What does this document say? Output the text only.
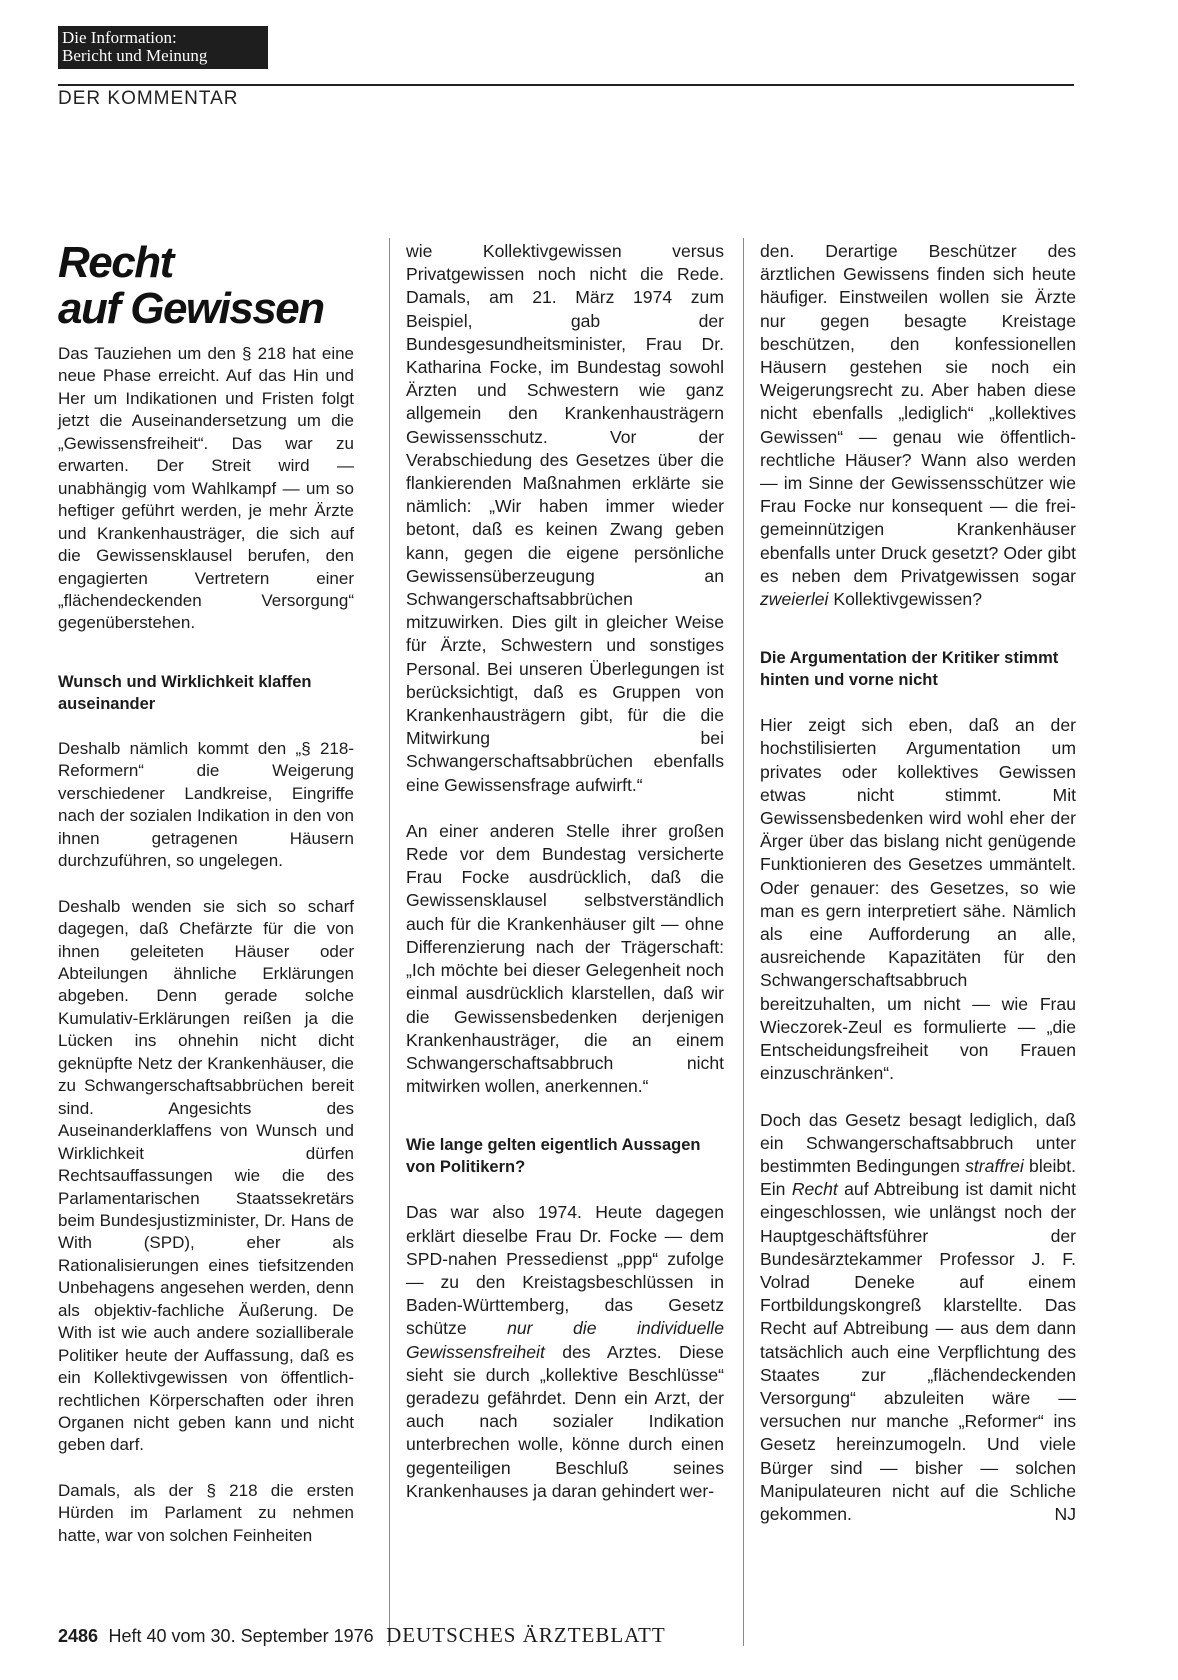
Die Information:
Bericht und Meinung
DER KOMMENTAR
Recht
auf Gewissen

Das Tauziehen um den § 218 hat eine neue Phase erreicht. Auf das Hin und Her um Indikationen und Fristen folgt jetzt die Auseinandersetzung um die „Gewissensfreiheit“. Das war zu erwarten. Der Streit wird — unabhängig vom Wahlkampf — um so heftiger geführt werden, je mehr Ärzte und Krankenhausträger, die sich auf die Gewissensklausel berufen, den engagierten Vertretern einer „flächendeckenden Versorgung“ gegenüberstehen.

Wunsch und Wirklichkeit klaffen auseinander

Deshalb nämlich kommt den „§ 218-Reformern“ die Weigerung verschiedener Landkreise, Eingriffe nach der sozialen Indikation in den von ihnen getragenen Häusern durchzuführen, so ungelegen.

Deshalb wenden sie sich so scharf dagegen, daß Chefärzte für die von ihnen geleiteten Häuser oder Abteilungen ähnliche Erklärungen abgeben. Denn gerade solche Kumulativ-Erklärungen reißen ja die Lücken ins ohnehin nicht dicht geknüpfte Netz der Krankenhäuser, die zu Schwangerschaftsabbrüchen bereit sind. Angesichts des Auseinanderklaffens von Wunsch und Wirklichkeit dürfen Rechtsauffassungen wie die des Parlamentarischen Staatssekretärs beim Bundesjustizminister, Dr. Hans de With (SPD), eher als Rationalisierungen eines tiefsitzenden Unbehagens angesehen werden, denn als objektiv-fachliche Äußerung. De With ist wie auch andere sozialliberale Politiker heute der Auffassung, daß es ein Kollektivgewissen von öffentlich-rechtlichen Körperschaften oder ihren Organen nicht geben kann und nicht geben darf.

Damals, als der § 218 die ersten Hürden im Parlament zu nehmen hatte, war von solchen Feinheiten

wie Kollektivgewissen versus Privatgewissen noch nicht die Rede. Damals, am 21. März 1974 zum Beispiel, gab der Bundesgesundheitsminister, Frau Dr. Katharina Focke, im Bundestag sowohl Ärzten und Schwestern wie ganz allgemein den Krankenhausträgern Gewissensschutz. Vor der Verabschiedung des Gesetzes über die flankierenden Maßnahmen erklärte sie nämlich: „Wir haben immer wieder betont, daß es keinen Zwang geben kann, gegen die eigene persönliche Gewissensüberzeugung an Schwangerschaftsabbrüchen mitzuwirken. Dies gilt in gleicher Weise für Ärzte, Schwestern und sonstiges Personal. Bei unseren Überlegungen ist berücksichtigt, daß es Gruppen von Krankenhausträgern gibt, für die die Mitwirkung bei Schwangerschaftsabbrüchen ebenfalls eine Gewissensfrage aufwirft.“

An einer anderen Stelle ihrer großen Rede vor dem Bundestag versicherte Frau Focke ausdrücklich, daß die Gewissensklausel selbstverständlich auch für die Krankenhäuser gilt — ohne Differenzierung nach der Trägerschaft: „Ich möchte bei dieser Gelegenheit noch einmal ausdrücklich klarstellen, daß wir die Gewissensbedenken derjenigen Krankenhausträger, die an einem Schwangerschaftsabbruch nicht mitwirken wollen, anerkennen.“

Wie lange gelten eigentlich Aussagen von Politikern?

Das war also 1974. Heute dagegen erklärt dieselbe Frau Dr. Focke — dem SPD-nahen Pressedienst „ppp“ zufolge — zu den Kreistagsbeschlüssen in Baden-Württemberg, das Gesetz schütze nur die individuelle Gewissensfreiheit des Arztes. Diese sieht sie durch „kollektive Beschlüsse“ geradezu gefährdet. Denn ein Arzt, der auch nach sozialer Indikation unterbrechen wolle, könne durch einen gegenteiligen Beschluß seines Krankenhauses ja daran gehindert wer-

den. Derartige Beschützer des ärztlichen Gewissens finden sich heute häufiger. Einstweilen wollen sie Ärzte nur gegen besagte Kreistage beschützen, den konfessionellen Häusern gestehen sie noch ein Weigerungsrecht zu. Aber haben diese nicht ebenfalls „lediglich“ „kollektives Gewissen“ — genau wie öffentlich-rechtliche Häuser? Wann also werden — im Sinne der Gewissensschützer wie Frau Focke nur konsequent — die frei-gemeinnützigen Krankenhäuser ebenfalls unter Druck gesetzt? Oder gibt es neben dem Privatgewissen sogar zweierlei Kollektivgewissen?

Die Argumentation der Kritiker stimmt hinten und vorne nicht

Hier zeigt sich eben, daß an der hochstilisierten Argumentation um privates oder kollektives Gewissen etwas nicht stimmt. Mit Gewissensbedenken wird wohl eher der Ärger über das bislang nicht genügende Funktionieren des Gesetzes ummäntelt. Oder genauer: des Gesetzes, so wie man es gern interpretiert sähe. Nämlich als eine Aufforderung an alle, ausreichende Kapazitäten für den Schwangerschaftsabbruch bereitzuhalten, um nicht — wie Frau Wieczorek-Zeul es formulierte — „die Entscheidungsfreiheit von Frauen einzuschränken“.

Doch das Gesetz besagt lediglich, daß ein Schwangerschaftsabbruch unter bestimmten Bedingungen straffrei bleibt. Ein Recht auf Abtreibung ist damit nicht eingeschlossen, wie unlängst noch der Hauptgeschäftsführer der Bundesärztekammer Professor J. F. Volrad Deneke auf einem Fortbildungskongreß klarstellte. Das Recht auf Abtreibung — aus dem dann tatsächlich auch eine Verpflichtung des Staates zur „flächendeckenden Versorgung“ abzuleiten wäre — versuchen nur manche „Reformer“ ins Gesetz hereinzumogeln. Und viele Bürger sind — bisher — solchen Manipulateuren nicht auf die Schliche gekommen.	NJ

2486 Heft 40 vom 30. September 1976 DEUTSCHES ÄRZTEBLATT
